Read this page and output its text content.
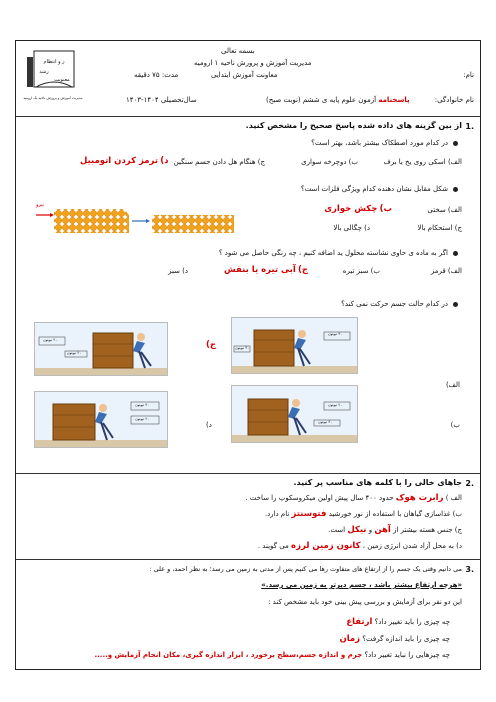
ز و انتظام
رشد
معنویت
مدیریت آموزش و پرورش ناحیه یک ارومیه
بسمه تعالی
مدیریت آموزش و پرورش ناحیه ۱ ارومیه
معاونت آموزش ابتدایی
مدت: ۷۵ دقیقه	نام:
نام خانوادگی:
پاسخنامه آزمون علوم پایه ی ششم (نوبت صبح)
سال‌تحصیلی ۱۴۰۴-۱۴۰۳
1.
از بین گزینه های داده شده پاسخ صحیح را مشخص کنید.
در کدام مورد اصطکاک بیشتر باشد، بهتر است؟
الف) اسکی روی یخ یا برف
ب) دوچرخه سواری
ج) هنگام هل دادن جسم سنگین
د) ترمز کردن اتومبیل
شکل مقابل نشان دهنده کدام ویژگی فلزات است؟
نیرو
الف) سختی
ب) چکش خواری
ج) استحکام بالا
د) چگالی بالا
اگر به ماده ی حاوی نشاسته محلول ید اضافه کنیم ، چه رنگی حاصل می شود ؟
الف) قرمز
ب) سبز تیره
ج) آبی تیره یا بنفش
د) سبز
در کدام حالت جسم حرکت نمی کند؟
۳۰ نیوتون
۳۰ نیوتون
الف)
۲۰ نیوتون
۲۰ نیوتون
ج)
۲۰ نیوتون
۳۰ نیوتون	ب)
۳۰ نیوتون
۲۰ نیوتون
د)
2.
جاهای خالی را با کلمه های مناسب پر کنید.
الف ) رابرت هوک حدود ۴۰۰ سال پیش اولین میکروسکوپ را ساخت .
ب) غذاسازی گیاهان با استفاده از نور خورشید فتوسنتز نام دارد.
ج) جنس هسته بیشتر از آهن و نیکل است.
د) به محل آزاد شدن انرژی زمین ، کانون زمین لرزه می گویند .
3.
می دانیم وقتی یک جسم را از ارتفاع های متفاوت رها می کنیم پس از مدتی به زمین می رسد؛ به نظر احمد، و علی :
«هرچه ارتفاع بیشتر باشد ، جسم دیرتر به زمین می رسد.»
این دو نفر برای آزمایش و بررسی پیش بینی خود باید مشخص کند :
چه چیزی را باید تغییر داد؟ ارتفاع
چه چیزی را باید اندازه گرفت؟ زمان
چه چیزهایی را نباید تغییر داد؟ جرم و اندازه جسم،سطح برخورد ، ابزار اندازه گیری، مکان انجام آزمایش و.....
